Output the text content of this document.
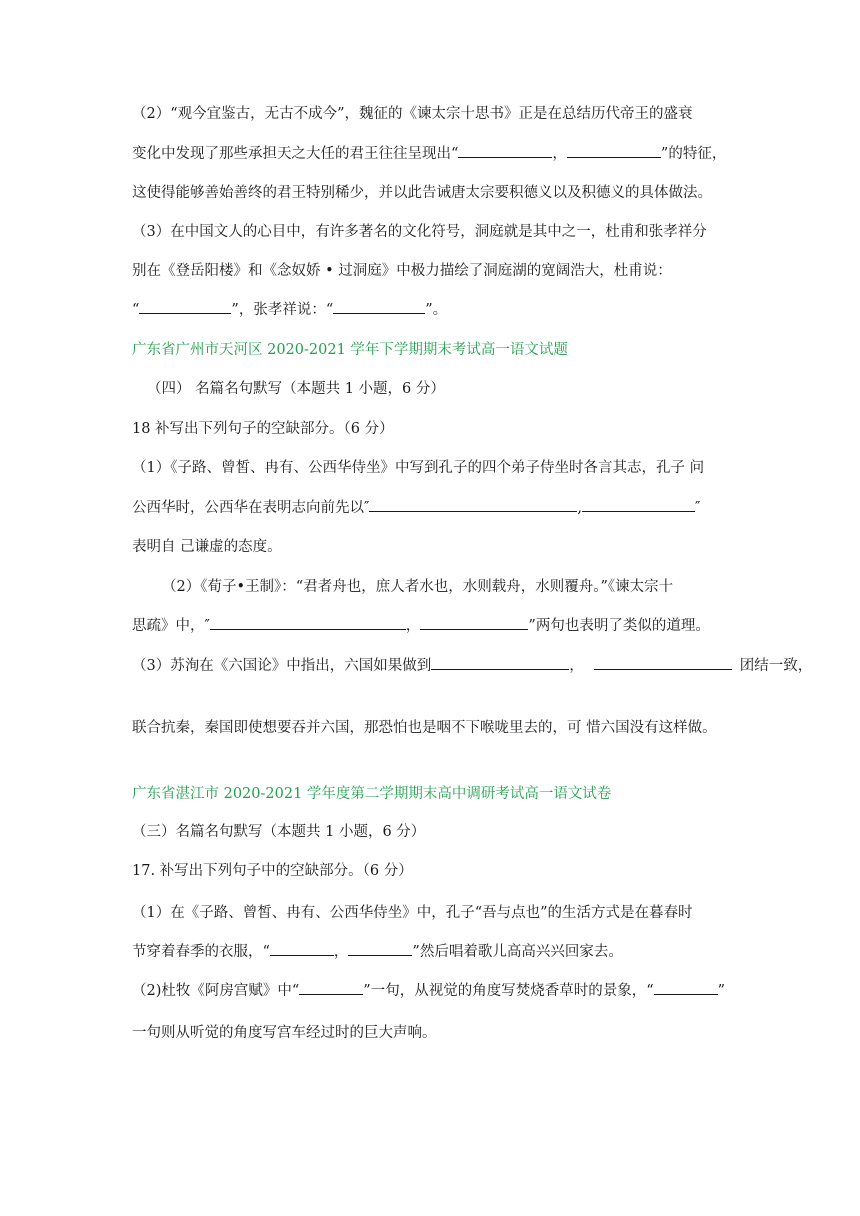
（2）“观今宜鉴古，无古不成今”，魏征的《谏太宗十思书》正是在总结历代帝王的盛衰
变化中发现了那些承担天之大任的君王往往呈现出“	，	”的特征，
这使得能够善始善终的君王特别稀少，并以此告诫唐太宗要积德义以及积德义的具体做法。
（3）在中国文人的心目中，有许多著名的文化符号，洞庭就是其中之一，杜甫和张孝祥分
别在《登岳阳楼》和《念奴娇 • 过洞庭》中极力描绘了洞庭湖的宽阔浩大，杜甫说：
“	”，张孝祥说：“	”。
广东省广州市天河区 2020-2021 学年下学期期末考试高一语文试题
（四） 名篇名句默写（本题共 1 小题，6 分）
18 补写出下列句子的空缺部分。（6 分）
（1）《子路、曾皙、冉有、公西华侍坐》中写到孔子的四个弟子侍坐时各言其志，孔子 问
公西华时，公西华在表明志向前先以″	,	″
表明自 己谦虚的态度。
（2）《荀子•王制》：“君者舟也，庶人者水也，水则载舟，水则覆舟。”《谏太宗十
思疏》中，″	，	”两句也表明了类似的道理。
（3）苏洵在《六国论》中指出，六国如果做到	，	团结一致，
联合抗秦，秦国即使想要吞并六国，那恐怕也是咽不下喉咙里去的，可 惜六国没有这样做。
广东省湛江市 2020-2021 学年度第二学期期末高中调研考试高一语文试卷
（三）名篇名句默写（本题共 1 小题，6 分）
17. 补写出下列句子中的空缺部分。（6 分）
（1）在《子路、曾皙、冉有、公西华侍坐》中，孔子“吾与点也”的生活方式是在暮春时
节穿着春季的衣服，“	，	”然后唱着歌儿高高兴兴回家去。
（2)杜牧《阿房宫赋》中“	”一句，从视觉的角度写焚烧香草时的景象，“	”
一句则从听觉的角度写宫车经过时的巨大声响。
